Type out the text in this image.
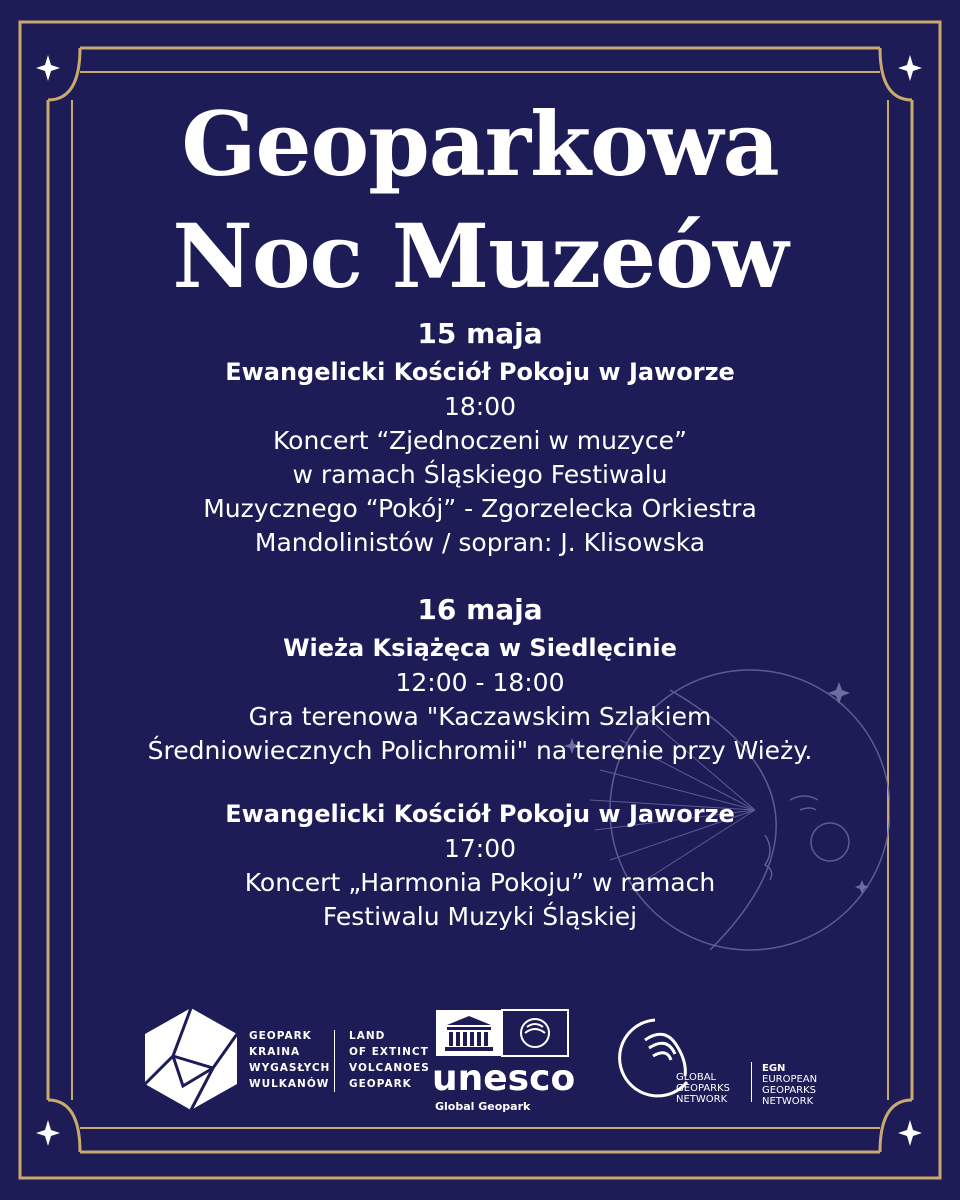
Geoparkowa
Noc Muzeów
15 maja
Ewangelicki Kościół Pokoju w Jaworze
18:00
Koncert “Zjednoczeni w muzyce”
w ramach Śląskiego Festiwalu
Muzycznego “Pokój” - Zgorzelecka Orkiestra
Mandolinistów / sopran: J. Klisowska
16 maja
Wieża Książęca w Siedlęcinie
12:00 - 18:00
Gra terenowa "Kaczawskim Szlakiem
Średniowiecznych Polichromii" na terenie przy Wieży.
Ewangelicki Kościół Pokoju w Jaworze
17:00
Koncert „Harmonia Pokoju” w ramach
Festiwalu Muzyki Śląskiej
GEOPARK
KRAINA
WYGASŁYCH
WULKANÓW
LAND
OF EXTINCT
VOLCANOES
GEOPARK unesco
Global Geopark
GLOBAL
GEOPARKS
NETWORK
EGN
EUROPEAN
GEOPARKS
NETWORK
